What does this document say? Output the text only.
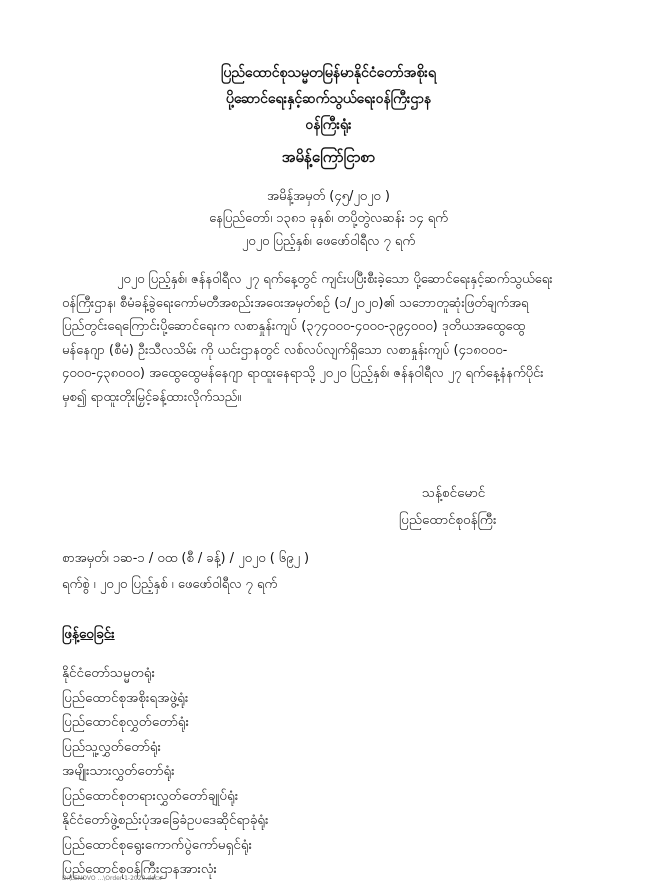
ပြည်ထောင်စုသမ္မတမြန်မာနိုင်ငံတော်အစိုးရ
ပို့ဆောင်ရေးနှင့်ဆက်သွယ်ရေးဝန်ကြီးဌာန
ဝန်ကြီးရုံး
အမိန့်ကြော်ငြာစာ
အမိန့်အမှတ် (၄၅/၂၀၂၀ )
နေပြည်တော်၊ ၁၃၈၁ ခုနှစ်၊ တပို့တွဲလဆန်း ၁၄ ရက်
၂၀၂၀ ပြည့်နှစ်၊ ဖေဖော်ဝါရီလ ၇ ရက်
၂၀၂၀ ပြည့်နှစ်၊ ဇန်နဝါရီလ ၂၇ ရက်နေ့တွင် ကျင်းပပြီးစီးခဲ့သော ပို့ဆောင်ရေးနှင့်ဆက်သွယ်ရေး
ဝန်ကြီးဌာန၊ စီမံခန့်ခွဲရေးကော်မတီအစည်းအဝေးအမှတ်စဉ် (၁/၂၀၂၀)၏ သဘောတူဆုံးဖြတ်ချက်အရ
ပြည်တွင်းရေကြောင်းပို့ဆောင်ရေးက လစာနှုန်းကျပ် (၃၇၄၀၀၀-၄၀၀၀-၃၉၄၀၀၀) ဒုတိယအထွေထွေ
မန်နေဂျာ (စီမံ) ဦးသီလသိမ်း ကို ယင်းဌာနတွင် လစ်လပ်လျက်ရှိသော လစာနှုန်းကျပ် (၄၁၈၀၀၀-
၄၀၀၀-၄၃၈၀၀၀) အထွေထွေမန်နေဂျာ ရာထူးနေရာသို့ ၂၀၂၀ ပြည့်နှစ်၊ ဇန်နဝါရီလ ၂၇ ရက်နေ့နံနက်ပိုင်း
မှစ၍ ရာထူးတိုးမြှင့်ခန့်ထားလိုက်သည်။
သန့်စင်မောင်
ပြည်ထောင်စုဝန်ကြီး
စာအမှတ်၊ ၁ဆ-၁ / ဝထ (စီ / ခန့်) / ၂၀၂၀ ( ၆၉၂ )
ရက်စွဲ ၊ ၂၀၂၀ ပြည့်နှစ် ၊ ဖေဖော်ဝါရီလ ၇ ရက်
ဖြန့်ဝေခြင်း
နိုင်ငံတော်သမ္မတရုံး
ပြည်ထောင်စုအစိုးရအဖွဲ့ရုံး
ပြည်ထောင်စုလွှတ်တော်ရုံး
ပြည်သူ့လွှတ်တော်ရုံး
အမျိုးသားလွှတ်တော်ရုံး
ပြည်ထောင်စုတရားလွှတ်တော်ချုပ်ရုံး
နိုင်ငံတော်ဖွဲ့စည်းပုံအခြေခံဥပဒေဆိုင်ရာခုံရုံး
ပြည်ထောင်စုရွေးကောက်ပွဲကော်မရှင်ရုံး
ပြည်ထောင်စုဝန်ကြီးဌာနအားလုံး
D:\LENOVO ...\Order-1-2020.docx
